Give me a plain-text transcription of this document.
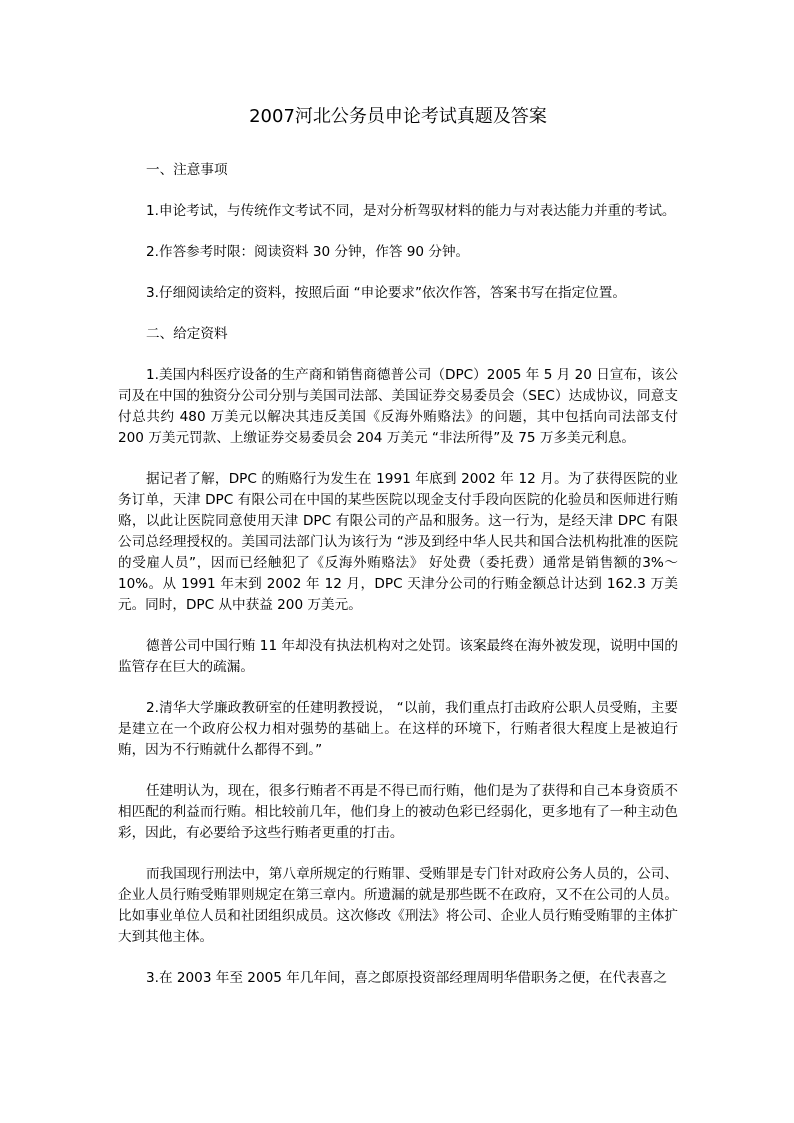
2007河北公务员申论考试真题及答案

一、注意事项

1.申论考试，与传统作文考试不同，是对分析驾驭材料的能力与对表达能力并重的考试。

2.作答参考时限：阅读资料 30 分钟，作答 90 分钟。

3.仔细阅读给定的资料，按照后面 “申论要求”依次作答，答案书写在指定位置。

二、给定资料

1.美国内科医疗设备的生产商和销售商德普公司（DPC）2005 年 5 月 20 日宣布，该公司及在中国的独资分公司分别与美国司法部、美国证券交易委员会（SEC）达成协议，同意支付总共约 480 万美元以解决其违反美国《反海外贿赂法》的问题，其中包括向司法部支付 200 万美元罚款、上缴证券交易委员会 204 万美元 “非法所得”及 75 万多美元利息。

据记者了解，DPC 的贿赂行为发生在 1991 年底到 2002 年 12 月。为了获得医院的业务订单，天津 DPC 有限公司在中国的某些医院以现金支付手段向医院的化验员和医师进行贿赂，以此让医院同意使用天津 DPC 有限公司的产品和服务。这一行为，是经天津 DPC 有限公司总经理授权的。美国司法部门认为该行为 “涉及到经中华人民共和国合法机构批准的医院的受雇人员”，因而已经触犯了《反海外贿赂法》 好处费（委托费）通常是销售额的3%～10%。从 1991 年末到 2002 年 12 月，DPC 天津分公司的行贿金额总计达到 162.3 万美元。同时，DPC 从中获益 200 万美元。

德普公司中国行贿 11 年却没有执法机构对之处罚。该案最终在海外被发现，说明中国的监管存在巨大的疏漏。

2.清华大学廉政教研室的任建明教授说， “以前，我们重点打击政府公职人员受贿，主要是建立在一个政府公权力相对强势的基础上。在这样的环境下，行贿者很大程度上是被迫行贿，因为不行贿就什么都得不到。”

任建明认为，现在，很多行贿者不再是不得已而行贿，他们是为了获得和自己本身资质不相匹配的利益而行贿。相比较前几年，他们身上的被动色彩已经弱化，更多地有了一种主动色彩，因此，有必要给予这些行贿者更重的打击。

而我国现行刑法中，第八章所规定的行贿罪、受贿罪是专门针对政府公务人员的，公司、企业人员行贿受贿罪则规定在第三章内。所遗漏的就是那些既不在政府，又不在公司的人员。比如事业单位人员和社团组织成员。这次修改《刑法》将公司、企业人员行贿受贿罪的主体扩大到其他主体。

3.在 2003 年至 2005 年几年间，喜之郎原投资部经理周明华借职务之便，在代表喜之
